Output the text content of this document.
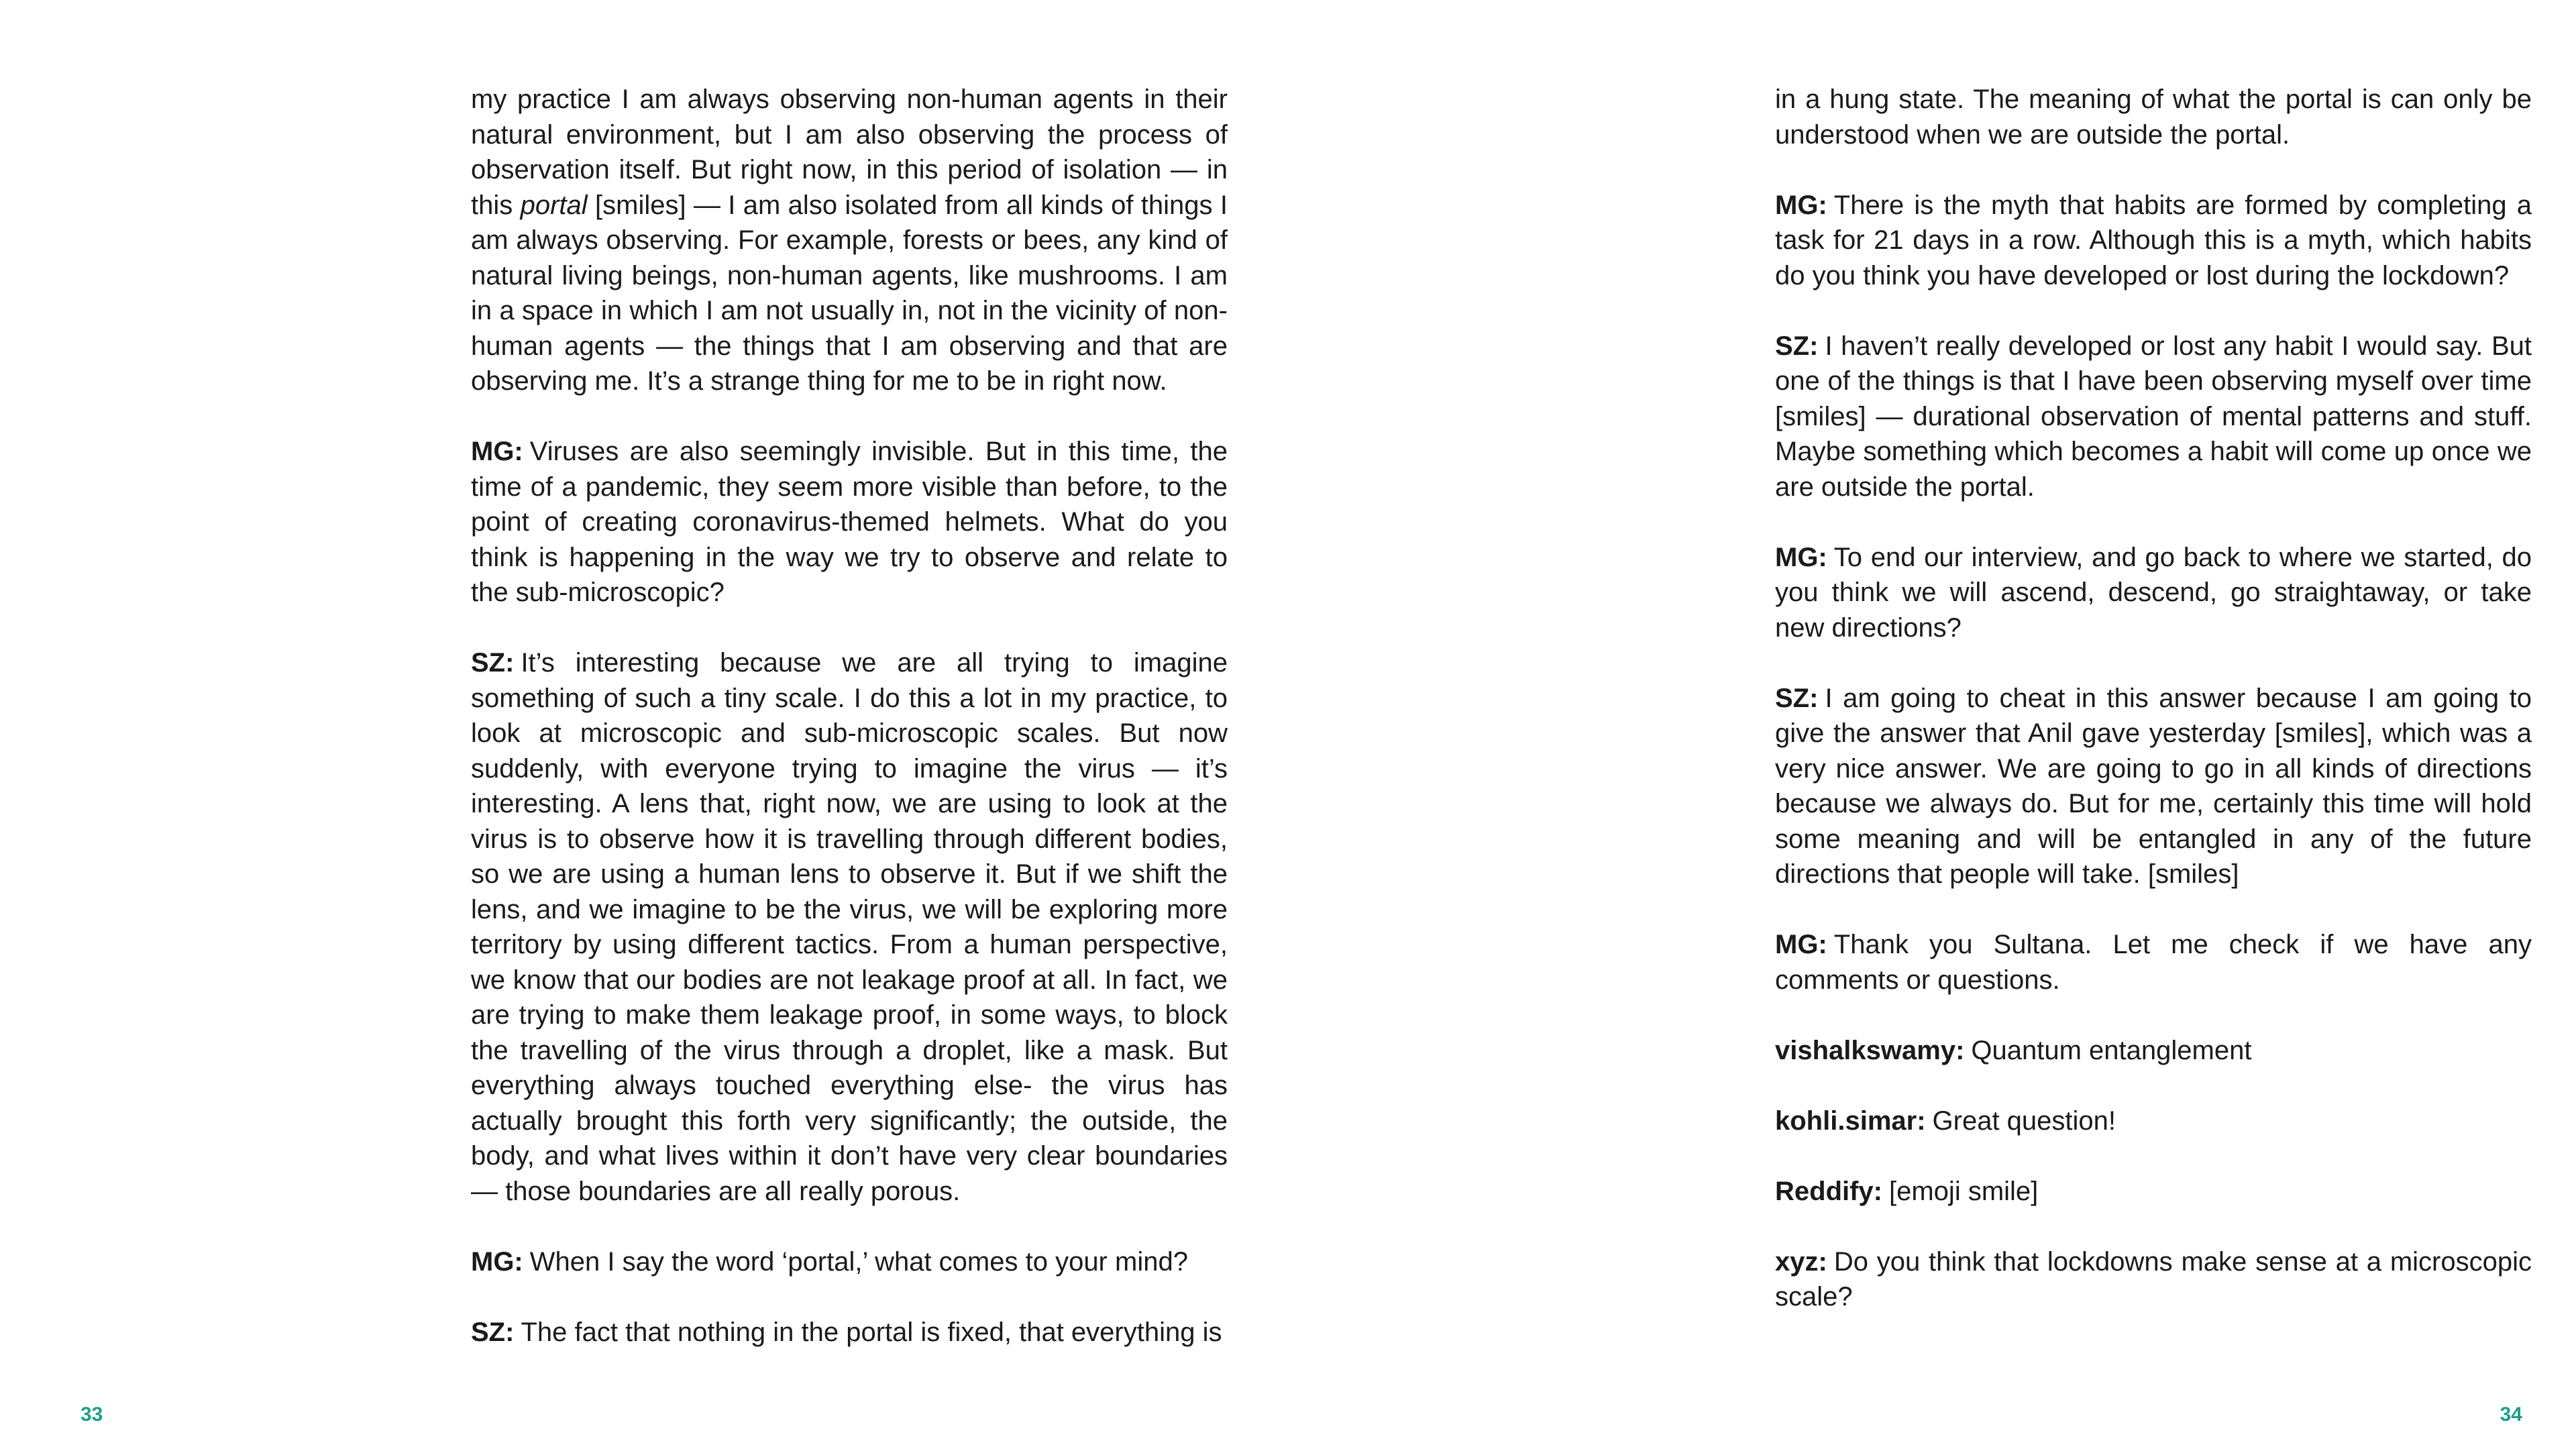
my practice I am always observing non-human agents in their natural environment, but I am also observing the process of observation itself. But right now, in this period of isolation — in this portal [smiles] — I am also isolated from all kinds of things I am always observing. For example, forests or bees, any kind of natural living beings, non-human agents, like mushrooms. I am in a space in which I am not usually in, not in the vicinity of non-human agents — the things that I am observing and that are observing me. It’s a strange thing for me to be in right now.

MG: Viruses are also seemingly invisible. But in this time, the time of a pandemic, they seem more visible than before, to the point of creating coronavirus-themed helmets. What do you think is happening in the way we try to observe and relate to the sub-microscopic?

SZ: It’s interesting because we are all trying to imagine something of such a tiny scale. I do this a lot in my practice, to look at microscopic and sub-microscopic scales. But now suddenly, with everyone trying to imagine the virus — it’s interesting. A lens that, right now, we are using to look at the virus is to observe how it is travelling through different bodies, so we are using a human lens to observe it. But if we shift the lens, and we imagine to be the virus, we will be exploring more territory by using different tactics. From a human perspective, we know that our bodies are not leakage proof at all. In fact, we are trying to make them leakage proof, in some ways, to block the travelling of the virus through a droplet, like a mask. But everything always touched everything else- the virus has actually brought this forth very significantly; the outside, the body, and what lives within it don’t have very clear boundaries — those boundaries are all really porous.

MG: When I say the word ‘portal,’ what comes to your mind?

SZ: The fact that nothing in the portal is fixed, that everything is

33

in a hung state. The meaning of what the portal is can only be understood when we are outside the portal.

MG: There is the myth that habits are formed by completing a task for 21 days in a row. Although this is a myth, which habits do you think you have developed or lost during the lockdown?

SZ: I haven’t really developed or lost any habit I would say. But one of the things is that I have been observing myself over time [smiles] — durational observation of mental patterns and stuff. Maybe something which becomes a habit will come up once we are outside the portal.

MG: To end our interview, and go back to where we started, do you think we will ascend, descend, go straightaway, or take new directions?

SZ: I am going to cheat in this answer because I am going to give the answer that Anil gave yesterday [smiles], which was a very nice answer. We are going to go in all kinds of directions because we always do. But for me, certainly this time will hold some meaning and will be entangled in any of the future directions that people will take. [smiles]

MG: Thank you Sultana. Let me check if we have any comments or questions.

vishalkswamy: Quantum entanglement

kohli.simar: Great question!

Reddify: [emoji smile]

xyz: Do you think that lockdowns make sense at a microscopic scale?

34
